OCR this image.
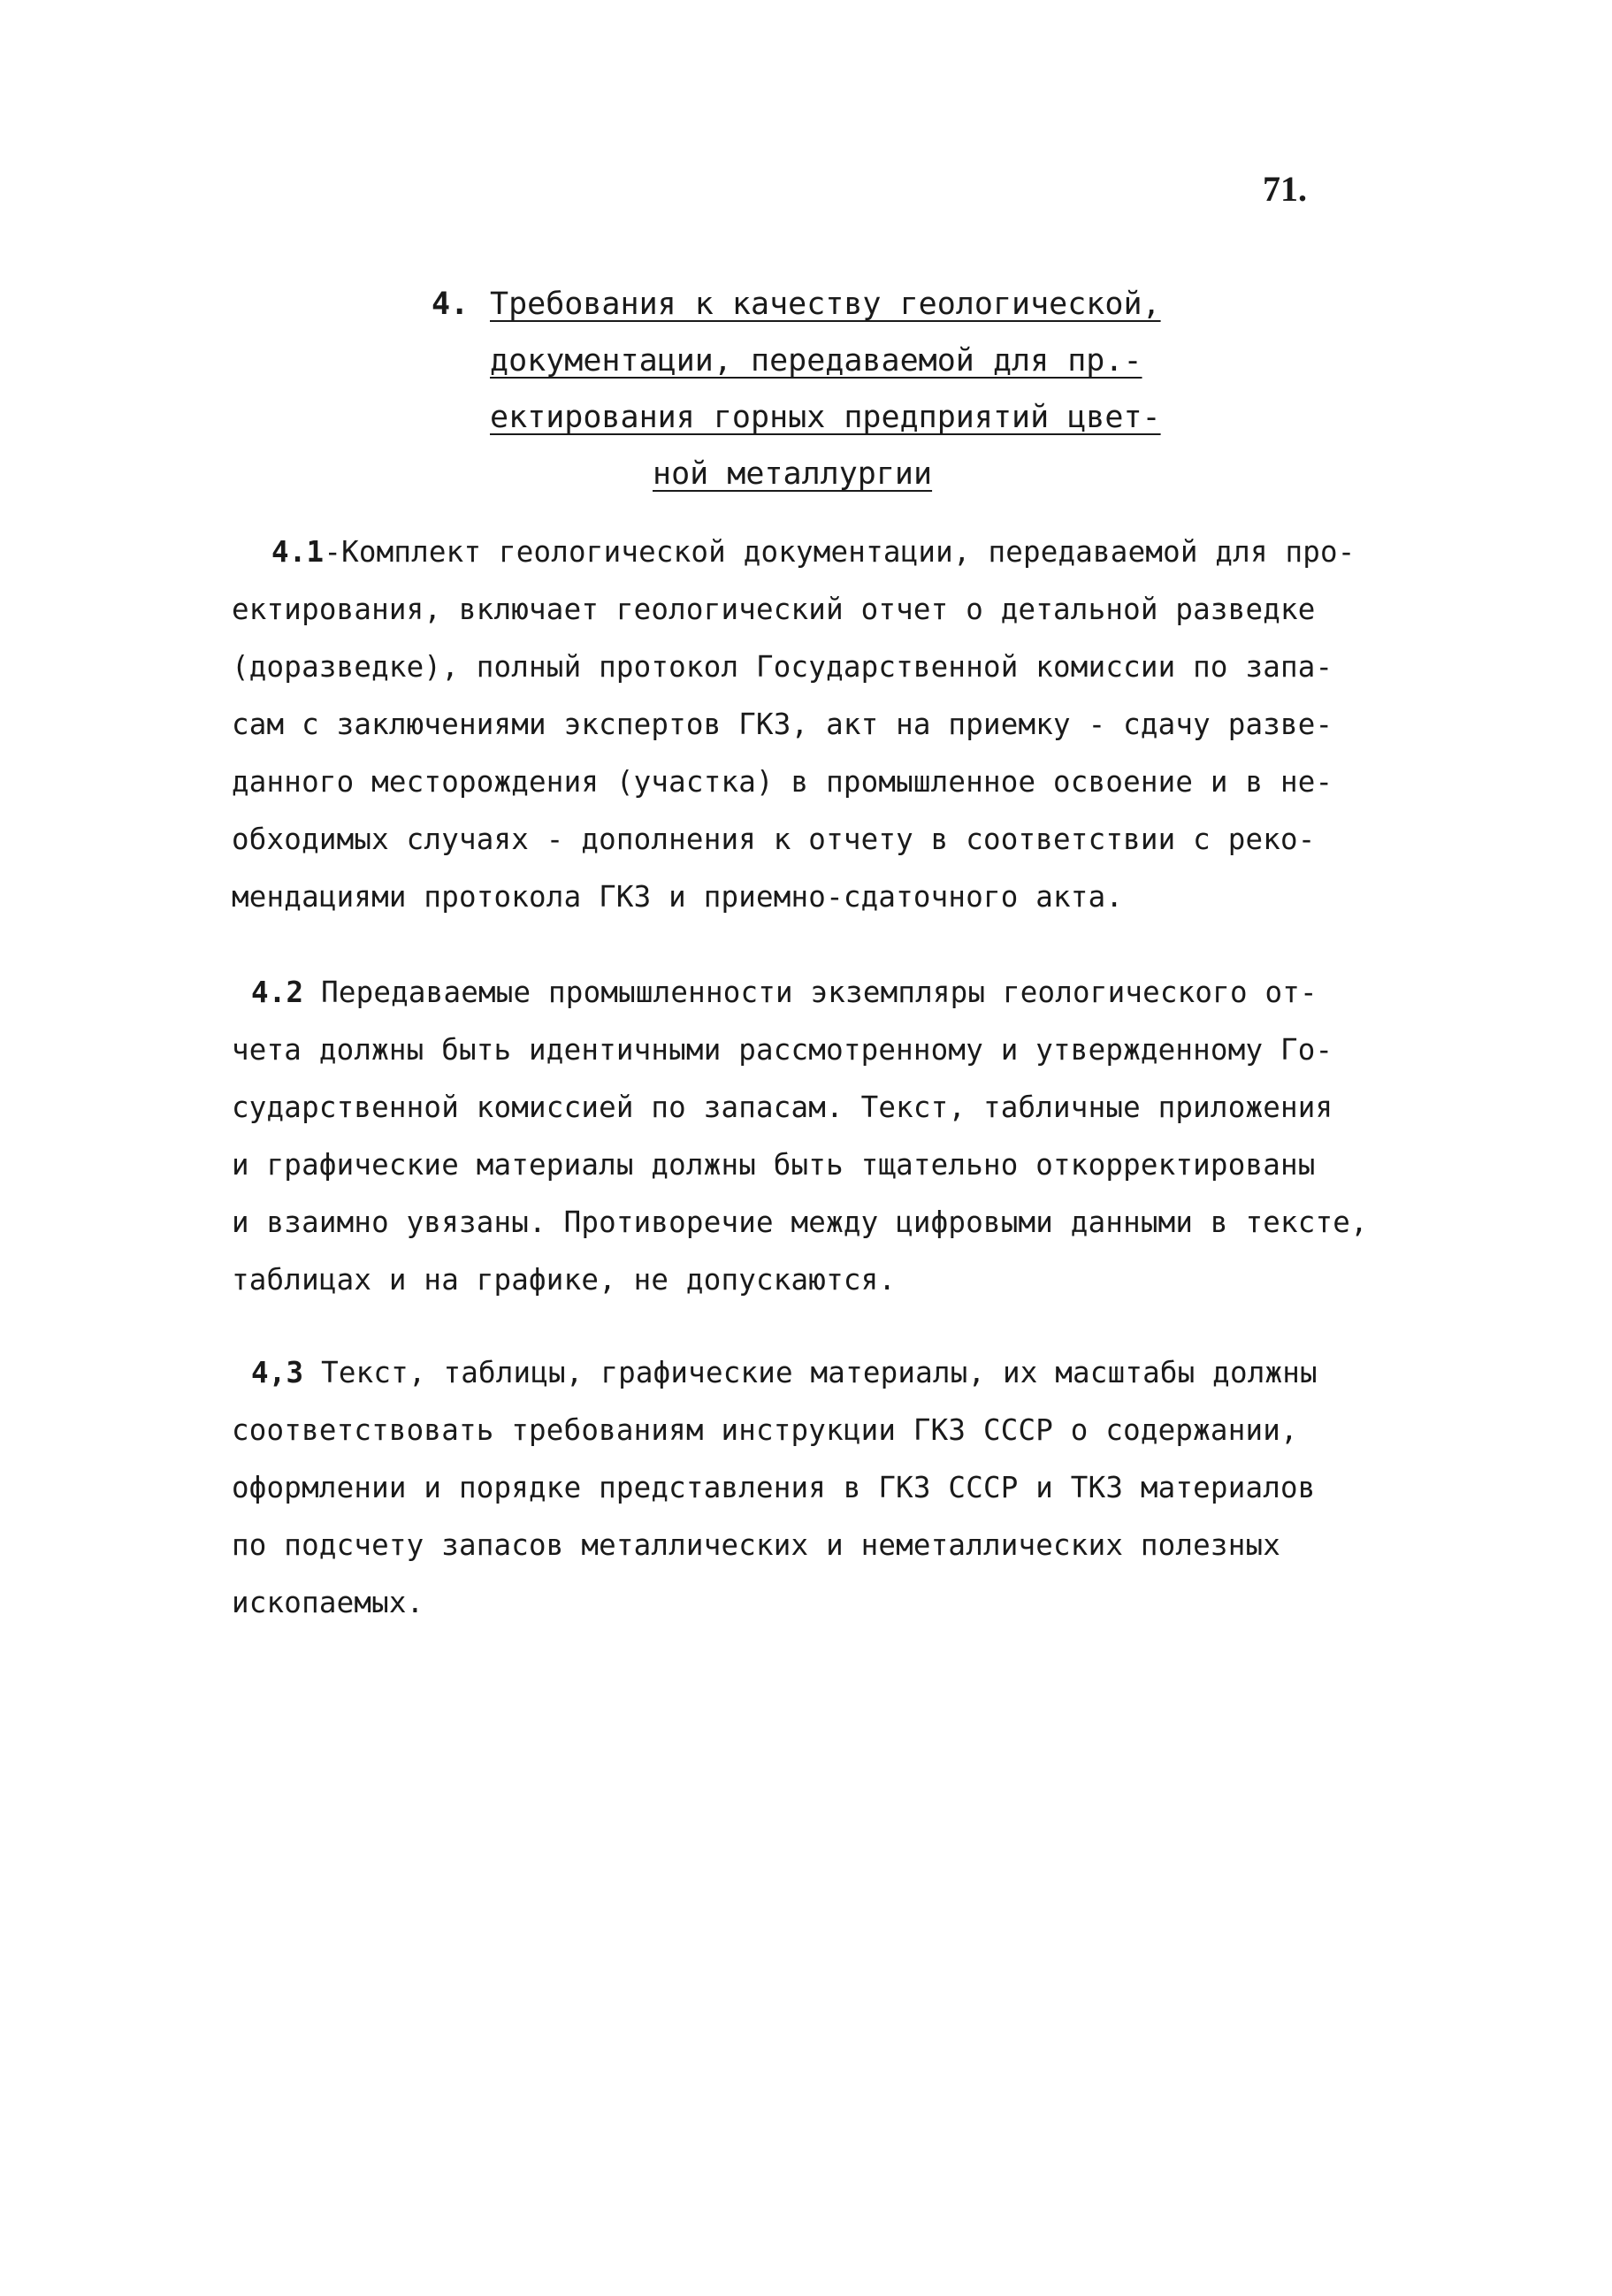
71.
4. Требования к качеству геологической,
документации, передаваемой для пр.-
ектирования горных предприятий цвет-
ной металлургии
4.1-Комплект геологической документации, передаваемой для про-
ектирования, включает геологический отчет о детальной разведке
(доразведке), полный протокол Государственной комиссии по запа-
сам с заключениями экспертов ГКЗ, акт на приемку - сдачу разве-
данного месторождения (участка) в промышленное освоение и в не-
обходимых случаях - дополнения к отчету в соответствии с реко-
мендациями протокола ГКЗ и приемно-сдаточного акта.
4.2 Передаваемые промышленности экземпляры геологического от-
чета должны быть идентичными рассмотренному и утвержденному Го-
сударственной комиссией по запасам. Текст, табличные приложения
и графические материалы должны быть тщательно откорректированы
и взаимно увязаны. Противоречие между цифровыми данными в тексте,
таблицах и на графике, не допускаются.
4,3 Текст, таблицы, графические материалы, их масштабы должны
соответствовать требованиям инструкции ГКЗ СССР о содержании,
оформлении и порядке представления в ГКЗ СССР и ТКЗ материалов
по подсчету запасов металлических и неметаллических полезных
ископаемых.
